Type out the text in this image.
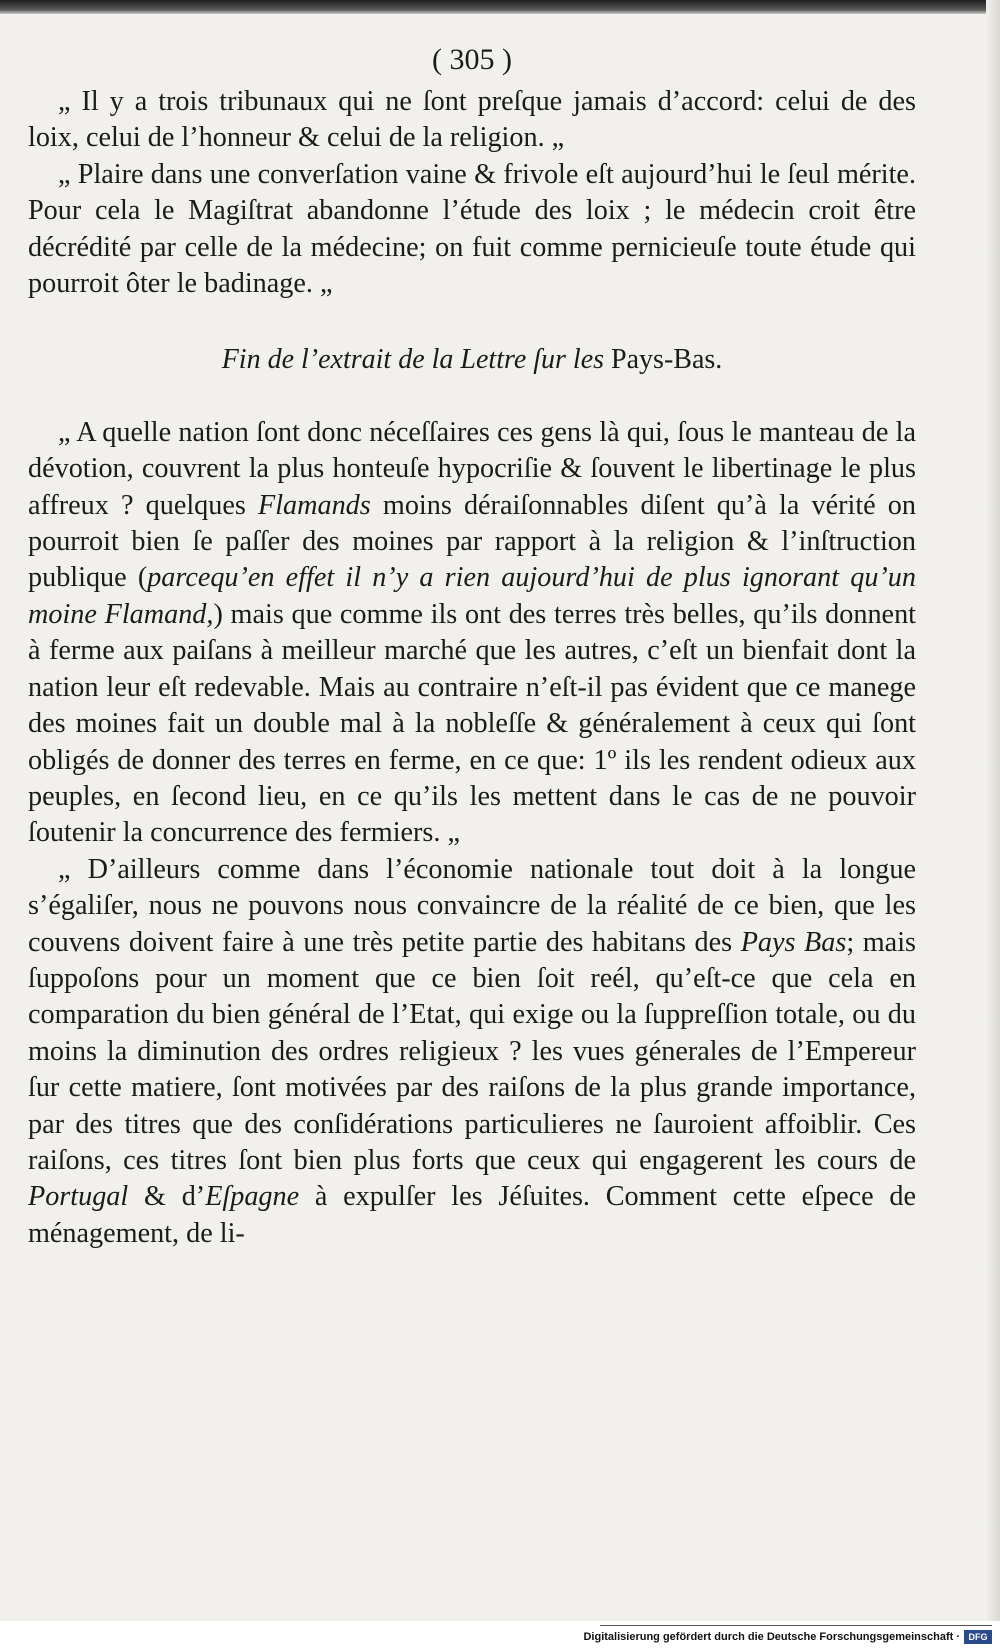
( 305 )

„ Il y a trois tribunaux qui ne ſont preſque jamais d’accord: celui de des loix, celui de l’honneur & celui de la religion. „

„ Plaire dans une converſation vaine & frivole eſt aujourd’hui le ſeul mérite. Pour cela le Magiſtrat abandonne l’étude des loix ; le médecin croit être décrédité par celle de la médecine; on fuit comme pernicieuſe toute étude qui pourroit ôter le badinage. „

Fin de l’extrait de la Lettre ſur les Pays-Bas.

„ A quelle nation ſont donc néceſſaires ces gens là qui, ſous le manteau de la dévotion, couvrent la plus honteuſe hypocriſie & ſouvent le libertinage le plus affreux ? quelques Flamands moins déraiſonnables diſent qu’à la vérité on pourroit bien ſe paſſer des moines par rapport à la religion & l’inſtruction publique (parcequ’en effet il n’y a rien aujourd’hui de plus ignorant qu’un moine Flamand,) mais que comme ils ont des terres très belles, qu’ils donnent à ferme aux paiſans à meilleur marché que les autres, c’eſt un bienfait dont la nation leur eſt redevable. Mais au contraire n’eſt-il pas évident que ce manege des moines fait un double mal à la nobleſſe & généralement à ceux qui ſont obligés de donner des terres en ferme, en ce que: 1º ils les rendent odieux aux peuples, en ſecond lieu, en ce qu’ils les mettent dans le cas de ne pouvoir ſoutenir la concurrence des fermiers. „

„ D’ailleurs comme dans l’économie nationale tout doit à la longue s’égaliſer, nous ne pouvons nous convaincre de la réalité de ce bien, que les couvens doivent faire à une très petite partie des habitans des Pays Bas; mais ſuppoſons pour un moment que ce bien ſoit reél, qu’eſt-ce que cela en comparation du bien général de l’Etat, qui exige ou la ſuppreſſion totale, ou du moins la diminution des ordres religieux ? les vues génerales de l’Empereur ſur cette matiere, ſont motivées par des raiſons de la plus grande importance, par des titres que des conſidérations particulieres ne ſauroient affoiblir. Ces raiſons, ces titres ſont bien plus forts que ceux qui engagerent les cours de Portugal & d’Eſpagne à expulſer les Jéſuites. Comment cette eſpece de ménagement, de li-

Digitalisierung gefördert durch die Deutsche Forschungsgemeinschaft · DFG
